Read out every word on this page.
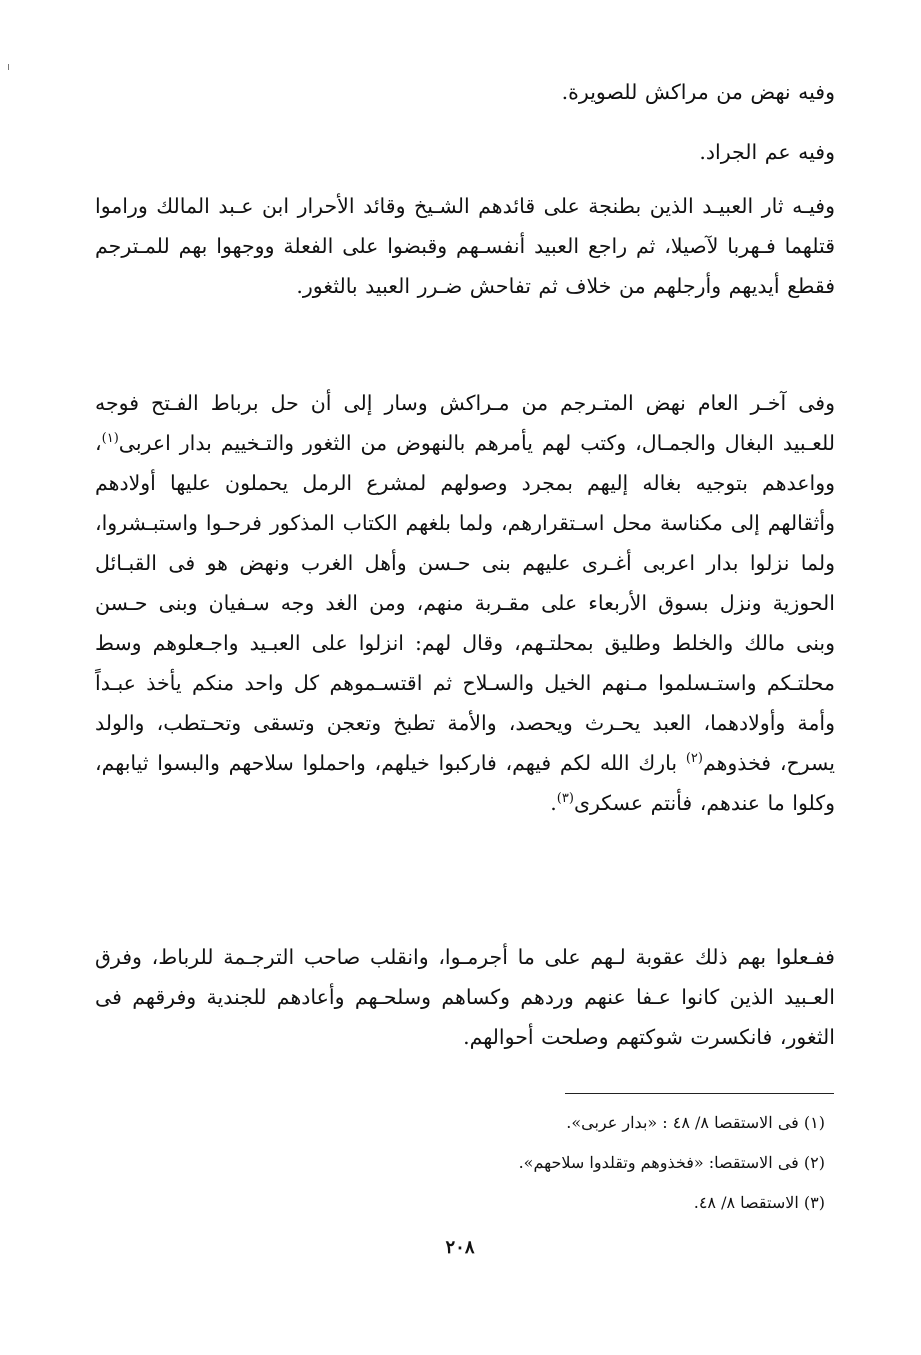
وفيه نهض من مراكش للصويرة.

وفيه عم الجراد.

وفيـه ثار العبيـد الذين بطنجة على قائدهم الشـيخ وقائد الأحرار ابن عـبد المالك وراموا قتلهما فـهربا لآصيلا، ثم راجع العبيد أنفسـهم وقبضوا على الفعلة ووجهوا بهم للمـترجم فقطع أيديهم وأرجلهم من خلاف ثم تفاحش ضـرر العبيد بالثغور.

وفى آخـر العام نهض المتـرجم من مـراكش وسار إلى أن حل برباط الفـتح فوجه للعـبيد البغال والجمـال، وكتب لهم يأمرهم بالنهوض من الثغور والتـخييم بدار اعربى$^{(١)}$، وواعدهم بتوجيه بغاله إليهم بمجرد وصولهم لمشرع الرمل يحملون عليها أولادهم وأثقالهم إلى مكناسة محل اسـتقرارهم، ولما بلغهم الكتاب المذكور فرحـوا واستبـشروا، ولما نزلوا بدار اعربى أغـرى عليهم بنى حـسن وأهل الغرب ونهض هو فى القبـائل الحوزية ونزل بسوق الأربعاء على مقـربة منهم، ومن الغد وجه سـفيان وبنى حـسن وبنى مالك والخلط وطليق بمحلتـهم، وقال لهم: انزلوا على العبـيد واجـعلوهم وسط محلتـكم واستـسلموا مـنهم الخيل والسـلاح ثم اقتسـموهم كل واحد منكم يأخذ عبـداً وأمة وأولادهما، العبد يحـرث ويحصد، والأمة تطبخ وتعجن وتسقى وتحـتطب، والولد يسرح، فخذوهم$^{(٢)}$ بارك الله لكم فيهم، فاركبوا خيلهم، واحملوا سلاحهم والبسوا ثيابهم، وكلوا ما عندهم، فأنتم عسكرى$^{(٣)}$.

ففـعلوا بهم ذلك عقوبة لـهم على ما أجرمـوا، وانقلب صاحب الترجـمة للرباط، وفرق العـبيد الذين كانوا عـفا عنهم وردهم وكساهم وسلحـهم وأعادهم للجندية وفرقهم فى الثغور، فانكسرت شوكتهم وصلحت أحوالهم.

(١) فى الاستقصا ٨/ ٤٨ : «بدار عربى».
(٢) فى الاستقصا: «فخذوهم وتقلدوا سلاحهم».
(٣) الاستقصا ٨/ ٤٨.
٢٠٨
